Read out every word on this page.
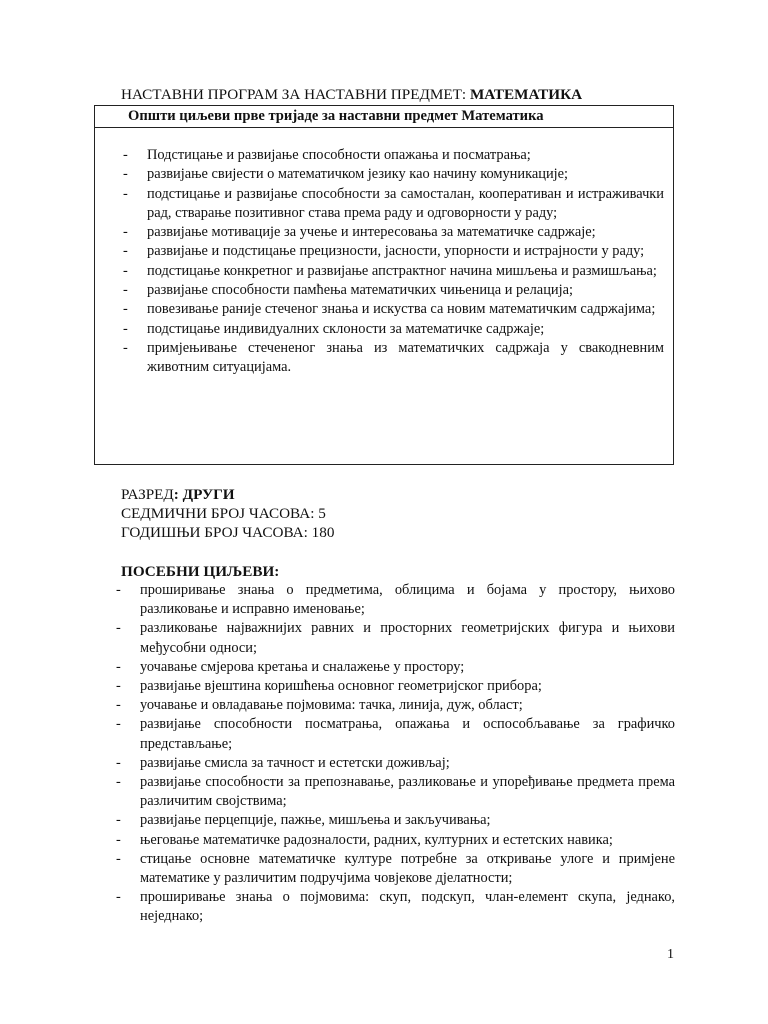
НАСТАВНИ ПРОГРАМ ЗА НАСТАВНИ ПРЕДМЕТ: МАТЕМАТИКА
Општи циљеви прве тријаде за наставни предмет Математика
- Подстицање и развијање способности опажања и посматрања;
- развијање свијести о математичком језику као начину комуникације;
- подстицање и развијање способности за самосталан, кооперативан и истраживачки рад, стварање позитивног става према раду и одговорности у раду;
- развијање мотивације за учење и интересовања за математичке садржаје;
- развијање и подстицање прецизности, јасности, упорности и истрајности у раду;
- подстицање конкретног и развијање апстрактног начина мишљења и размишљања;
- развијање способности памћења математичких чињеница и релација;
- повезивање раније стеченог знања и искуства са новим математичким садржајима;
- подстицање индивидуалних склоности за математичке садржаје;
- примјењивање стечененог знања из математичких садржаја у свакодневним животним ситуацијама.
РАЗРЕД: ДРУГИ
СЕДМИЧНИ БРОЈ ЧАСОВА: 5
ГОДИШЊИ БРОЈ ЧАСОВА: 180
ПОСЕБНИ ЦИЉЕВИ:
- проширивање знања о предметима, облицима и бојама у простору, њихово разликовање и исправно именовање;
- разликовање најважнијих равних и просторних геометријских фигура и њихови међусобни односи;
- уочавање смјерова кретања и сналажење у простору;
- развијање вјештина коришћења основног геометријског прибора;
- уочавање и овладавање појмовима: тачка, линија, дуж, област;
- развијање способности посматрања, опажања и оспособљавање за графичко представљање;
- развијање смисла за тачност и естетски доживљај;
- развијање способности за препознавање, разликовање и упоређивање предмета према различитим својствима;
- развијање перцепције, пажње, мишљења и закључивања;
- његовање математичке радозналости, радних, културних и естетских навика;
- стицање основне математичке културе потребне за откривање улоге и примјене математике у различитим подручјима човјекове дјелатности;
- проширивање знања о појмовима: скуп, подскуп, члан-елемент скупа, једнако, неједнако;
1
